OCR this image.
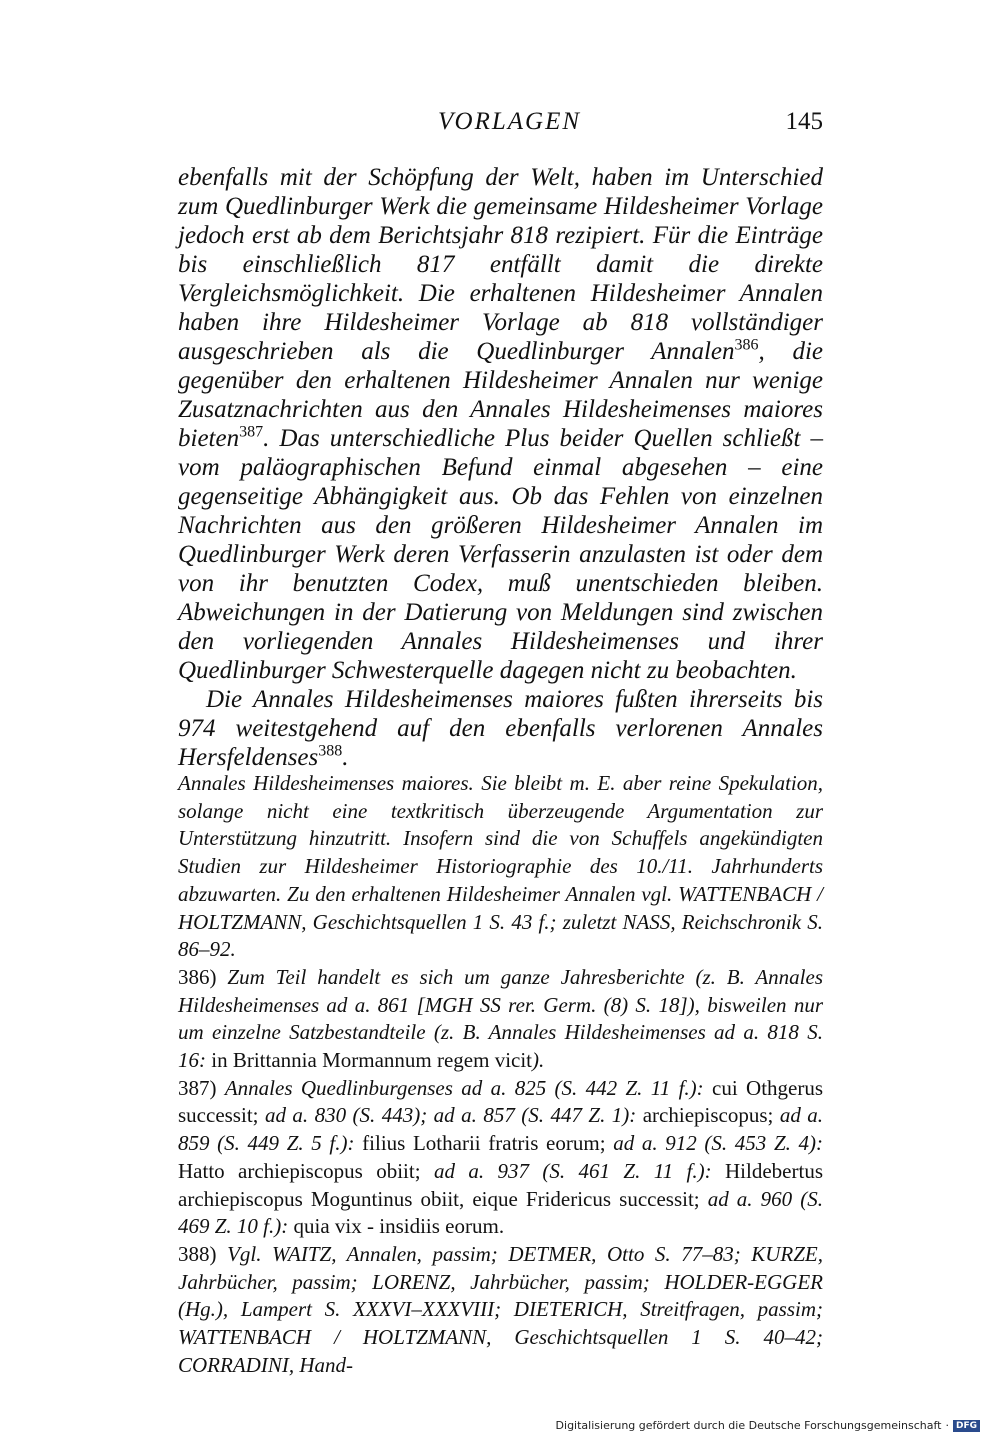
VORLAGEN	145

ebenfalls mit der Schöpfung der Welt, haben im Unterschied zum Quedlinburger Werk die gemeinsame Hildesheimer Vorlage jedoch erst ab dem Berichtsjahr 818 rezipiert. Für die Einträge bis einschließlich 817 entfällt damit die direkte Vergleichsmöglichkeit. Die erhaltenen Hildesheimer Annalen haben ihre Hildesheimer Vorlage ab 818 vollständiger ausgeschrieben als die Quedlinburger Annalen$^{386}$, die gegenüber den erhaltenen Hildesheimer Annalen nur wenige Zusatznachrichten aus den Annales Hildesheimenses maiores bieten$^{387}$. Das unterschiedliche Plus beider Quellen schließt – vom paläographischen Befund einmal abgesehen – eine gegenseitige Abhängigkeit aus. Ob das Fehlen von einzelnen Nachrichten aus den größeren Hildesheimer Annalen im Quedlinburger Werk deren Verfasserin anzulasten ist oder dem von ihr benutzten Codex, muß unentschieden bleiben. Abweichungen in der Datierung von Meldungen sind zwischen den vorliegenden Annales Hildesheimenses und ihrer Quedlinburger Schwesterquelle dagegen nicht zu beobachten.

Die Annales Hildesheimenses maiores fußten ihrerseits bis 974 weitestgehend auf den ebenfalls verlorenen Annales Hersfeldenses$^{388}$.

Annales Hildesheimenses maiores. Sie bleibt m. E. aber reine Spekulation, solange nicht eine textkritisch überzeugende Argumentation zur Unterstützung hinzutritt. Insofern sind die von Schuffels angekündigten Studien zur Hildesheimer Historiographie des 10./11. Jahrhunderts abzuwarten. Zu den erhaltenen Hildesheimer Annalen vgl. WATTENBACH / HOLTZMANN, Geschichtsquellen 1 S. 43 f.; zuletzt NASS, Reichschronik S. 86–92.

386) Zum Teil handelt es sich um ganze Jahresberichte (z. B. Annales Hildesheimenses ad a. 861 [MGH SS rer. Germ. (8) S. 18]), bisweilen nur um einzelne Satzbestandteile (z. B. Annales Hildesheimenses ad a. 818 S. 16: in Brittannia Mormannum regem vicit).

387) Annales Quedlinburgenses ad a. 825 (S. 442 Z. 11 f.): cui Othgerus successit; ad a. 830 (S. 443); ad a. 857 (S. 447 Z. 1): archiepiscopus; ad a. 859 (S. 449 Z. 5 f.): filius Lotharii fratris eorum; ad a. 912 (S. 453 Z. 4): Hatto archiepiscopus obiit; ad a. 937 (S. 461 Z. 11 f.): Hildebertus archiepiscopus Moguntinus obiit, eique Fridericus successit; ad a. 960 (S. 469 Z. 10 f.): quia vix - insidiis eorum.

388) Vgl. WAITZ, Annalen, passim; DETMER, Otto S. 77–83; KURZE, Jahrbücher, passim; LORENZ, Jahrbücher, passim; HOLDER-EGGER (Hg.), Lampert S. XXXVI–XXXVIII; DIETERICH, Streitfragen, passim; WATTENBACH / HOLTZMANN, Geschichtsquellen 1 S. 40–42; CORRADINI, Hand-

Digitalisierung gefördert durch die Deutsche Forschungsgemeinschaft · DFG
